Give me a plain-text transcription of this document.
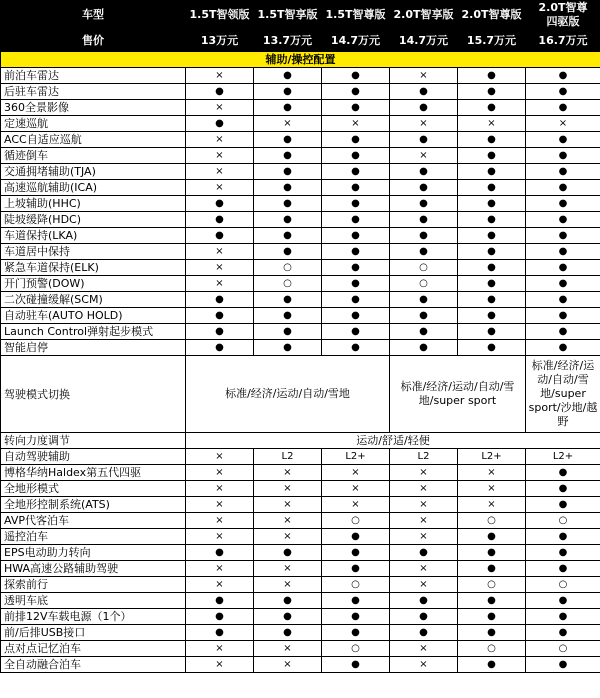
车型	1.5T智领版	1.5T智享版	1.5T智尊版	2.0T智享版	2.0T智尊版	2.0T智尊
四驱版
售价	13万元	13.7万元	14.7万元	14.7万元	15.7万元	16.7万元
辅助/操控配置						
前泊车雷达	×	●	●	×	●	●
后驻车雷达	●	●	●	●	●	●
360全景影像	×	●	●	●	●	●
定速巡航	●	×	×	×	×	×
ACC自适应巡航	×	●	●	●	●	●
循迹倒车	×	●	●	×	●	●
交通拥堵辅助(TJA)	×	●	●	●	●	●
高速巡航辅助(ICA)	×	●	●	●	●	●
上坡辅助(HHC)	●	●	●	●	●	●
陡坡缓降(HDC)	●	●	●	●	●	●
车道保持(LKA)	●	●	●	●	●	●
车道居中保持	×	●	●	●	●	●
紧急车道保持(ELK)	×	○	●	○	●	●
开门预警(DOW)	×	○	●	○	●	●
二次碰撞缓解(SCM)	●	●	●	●	●	●
自动驻车(AUTO HOLD)	●	●	●	●	●	●
Launch Control弹射起步模式	●	●	●	●	●	●
智能启停	●	●	●	●	●	●
驾驶模式切换	标准/经济/运动/自动/雪地			标准/经济/运动/自动/雪地/super sport		标准/经济/运动/自动/雪地/super sport/沙地/越野
转向力度调节	运动/舒适/轻便					
自动驾驶辅助	×	L2	L2+	L2	L2+	L2+
博格华纳Haldex第五代四驱	×	×	×	×	×	●
全地形模式	×	×	×	×	×	●
全地形控制系统(ATS)	×	×	×	×	×	●
AVP代客泊车	×	×	○	×	○	○
遥控泊车	×	×	●	×	●	●
EPS电动助力转向	●	●	●	●	●	●
HWA高速公路辅助驾驶	×	×	●	×	●	●
探索前行	×	×	○	×	○	○
透明车底	●	●	●	●	●	●
前排12V车载电源（1个）	●	●	●	●	●	●
前/后排USB接口	●	●	●	●	●	●
点对点记忆泊车	×	×	○	×	○	○
全自动融合泊车	×	×	●	×	●	●
